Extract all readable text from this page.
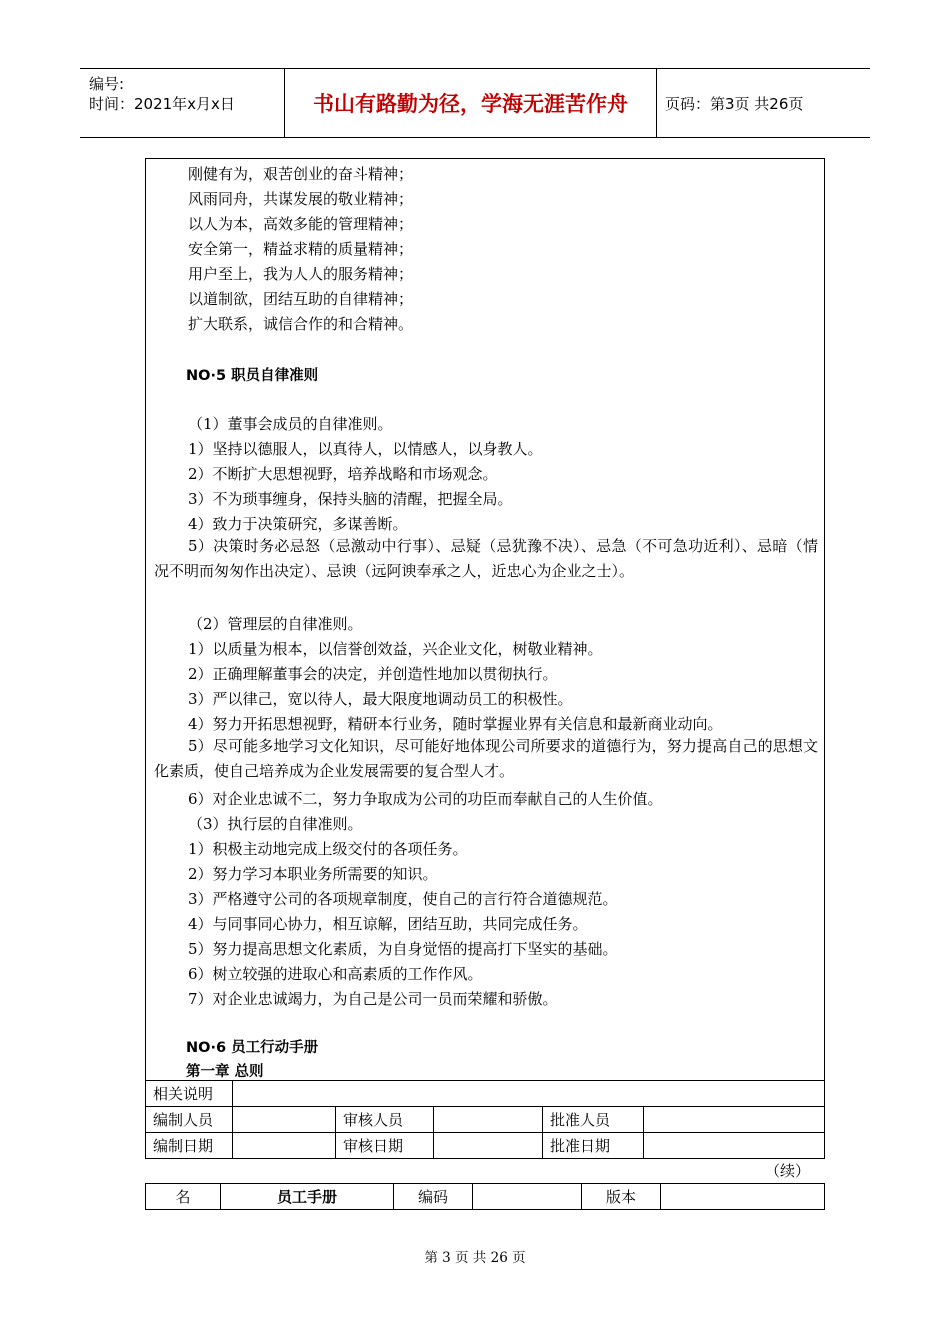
编号:
时间：2021年x月x日	书山有路勤为径，学海无涯苦作舟	页码：第3页 共26页
刚健有为，艰苦创业的奋斗精神；
风雨同舟，共谋发展的敬业精神；
以人为本，高效多能的管理精神；
安全第一，精益求精的质量精神；
用户至上，我为人人的服务精神；
以道制欲，团结互助的自律精神；
扩大联系，诚信合作的和合精神。
NO·5 职员自律准则
（1）董事会成员的自律准则。
1）坚持以德服人，以真待人，以情感人，以身教人。
2）不断扩大思想视野，培养战略和市场观念。
3）不为琐事缠身，保持头脑的清醒，把握全局。
4）致力于决策研究，多谋善断。
5）决策时务必忌怒（忌激动中行事）、忌疑（忌犹豫不决）、忌急（不可急功近利）、忌暗（情况不明而匆匆作出决定）、忌谀（远阿谀奉承之人，近忠心为企业之士）。
（2）管理层的自律准则。
1）以质量为根本，以信誉创效益，兴企业文化，树敬业精神。
2）正确理解董事会的决定，并创造性地加以贯彻执行。
3）严以律己，宽以待人，最大限度地调动员工的积极性。
4）努力开拓思想视野，精研本行业务，随时掌握业界有关信息和最新商业动向。
5）尽可能多地学习文化知识，尽可能好地体现公司所要求的道德行为，努力提高自己的思想文化素质，使自己培养成为企业发展需要的复合型人才。
6）对企业忠诚不二，努力争取成为公司的功臣而奉献自己的人生价值。
（3）执行层的自律准则。
1）积极主动地完成上级交付的各项任务。
2）努力学习本职业务所需要的知识。
3）严格遵守公司的各项规章制度，使自己的言行符合道德规范。
4）与同事同心协力，相互谅解，团结互助，共同完成任务。
5）努力提高思想文化素质，为自身觉悟的提高打下坚实的基础。
6）树立较强的进取心和高素质的工作作风。
7）对企业忠诚竭力，为自己是公司一员而荣耀和骄傲。
NO·6 员工行动手册
第一章 总则
相关说明					
编制人员		审核人员		批准人员	
编制日期		审核日期		批准日期	
（续）
名	员工手册	编码		版本	
第 3 页 共 26 页
